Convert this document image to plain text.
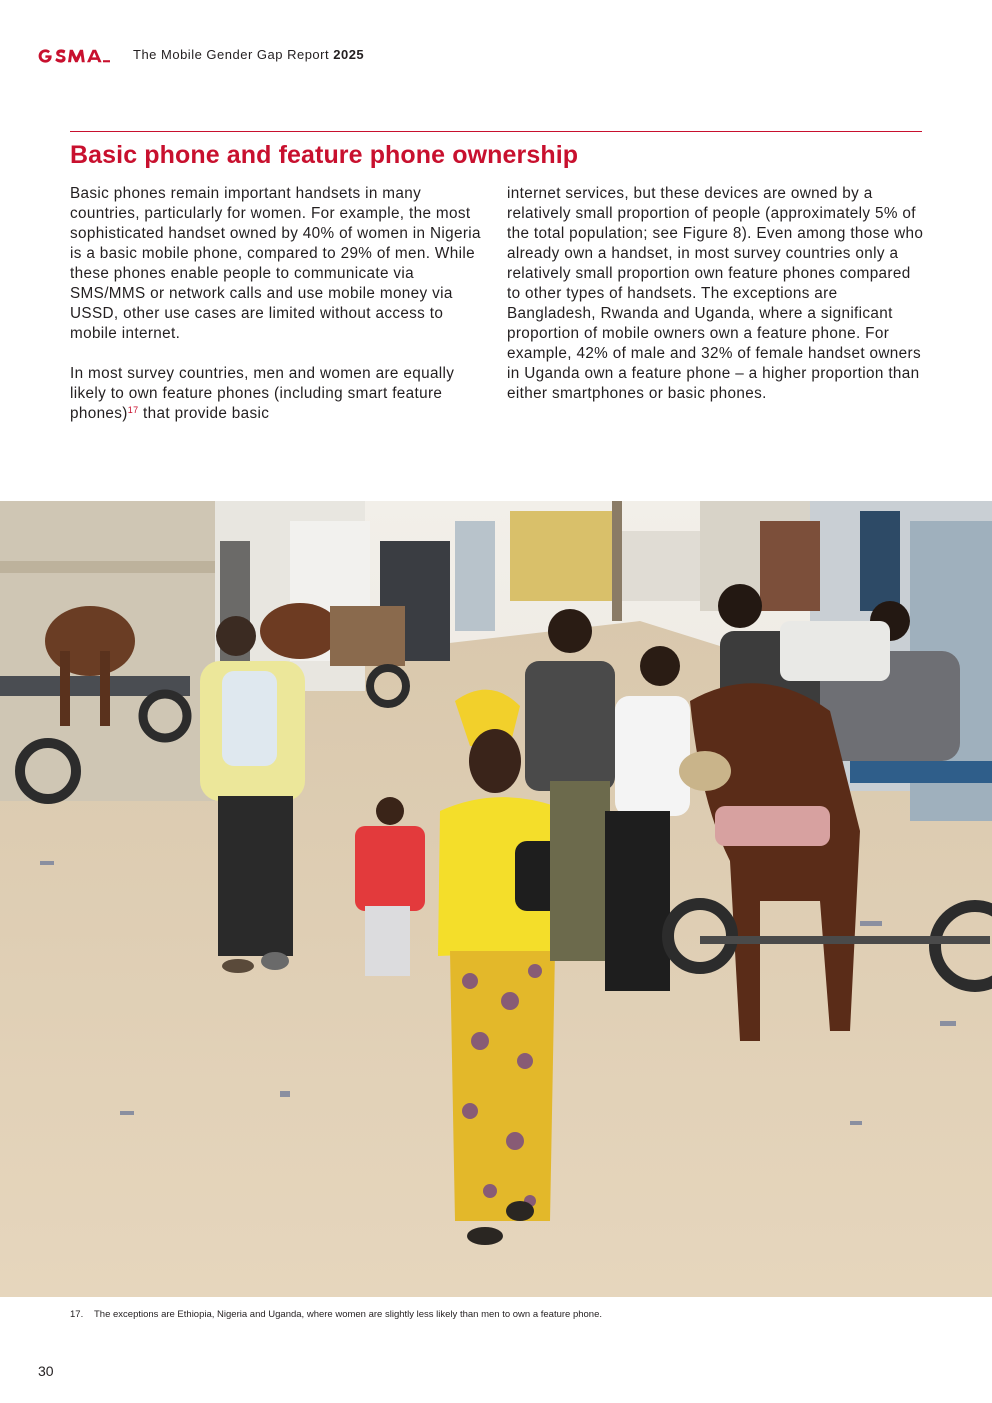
The Mobile Gender Gap Report 2025
Basic phone and feature phone ownership

Basic phones remain important handsets in many countries, particularly for women. For example, the most sophisticated handset owned by 40% of women in Nigeria is a basic mobile phone, compared to 29% of men. While these phones enable people to communicate via SMS/MMS or network calls and use mobile money via USSD, other use cases are limited without access to mobile internet.

In most survey countries, men and women are equally likely to own feature phones (including smart feature phones)$^{17}$ that provide basic

internet services, but these devices are owned by a relatively small proportion of people (approximately 5% of the total population; see Figure 8). Even among those who already own a handset, in most survey countries only a relatively small proportion own feature phones compared to other types of handsets. The exceptions are Bangladesh, Rwanda and Uganda, where a significant proportion of mobile owners own a feature phone. For example, 42% of male and 32% of female handset owners in Uganda own a feature phone – a higher proportion than either smartphones or basic phones.

17. The exceptions are Ethiopia, Nigeria and Uganda, where women are slightly less likely than men to own a feature phone.
30
